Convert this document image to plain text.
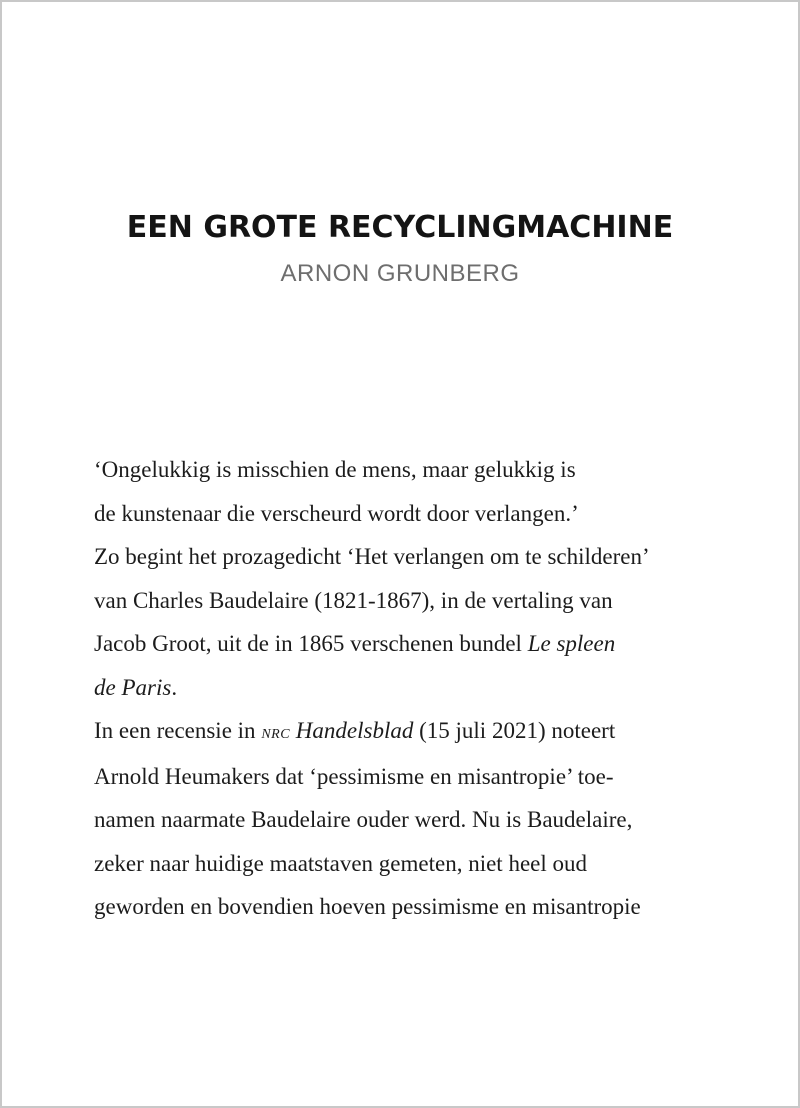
EEN GROTE RECYCLINGMACHINE
ARNON GRUNBERG
‘Ongelukkig is misschien de mens, maar gelukkig is
de kunstenaar die verscheurd wordt door verlangen.’
Zo begint het prozagedicht ‘Het verlangen om te schilderen’
van Charles Baudelaire (1821-1867), in de vertaling van
Jacob Groot, uit de in 1865 verschenen bundel Le spleen
de Paris.
In een recensie in nrc Handelsblad (15 juli 2021) noteert
Arnold Heumakers dat ‘pessimisme en misantropie’ toe-
namen naarmate Baudelaire ouder werd. Nu is Baudelaire,
zeker naar huidige maatstaven gemeten, niet heel oud
geworden en bovendien hoeven pessimisme en misantropie
